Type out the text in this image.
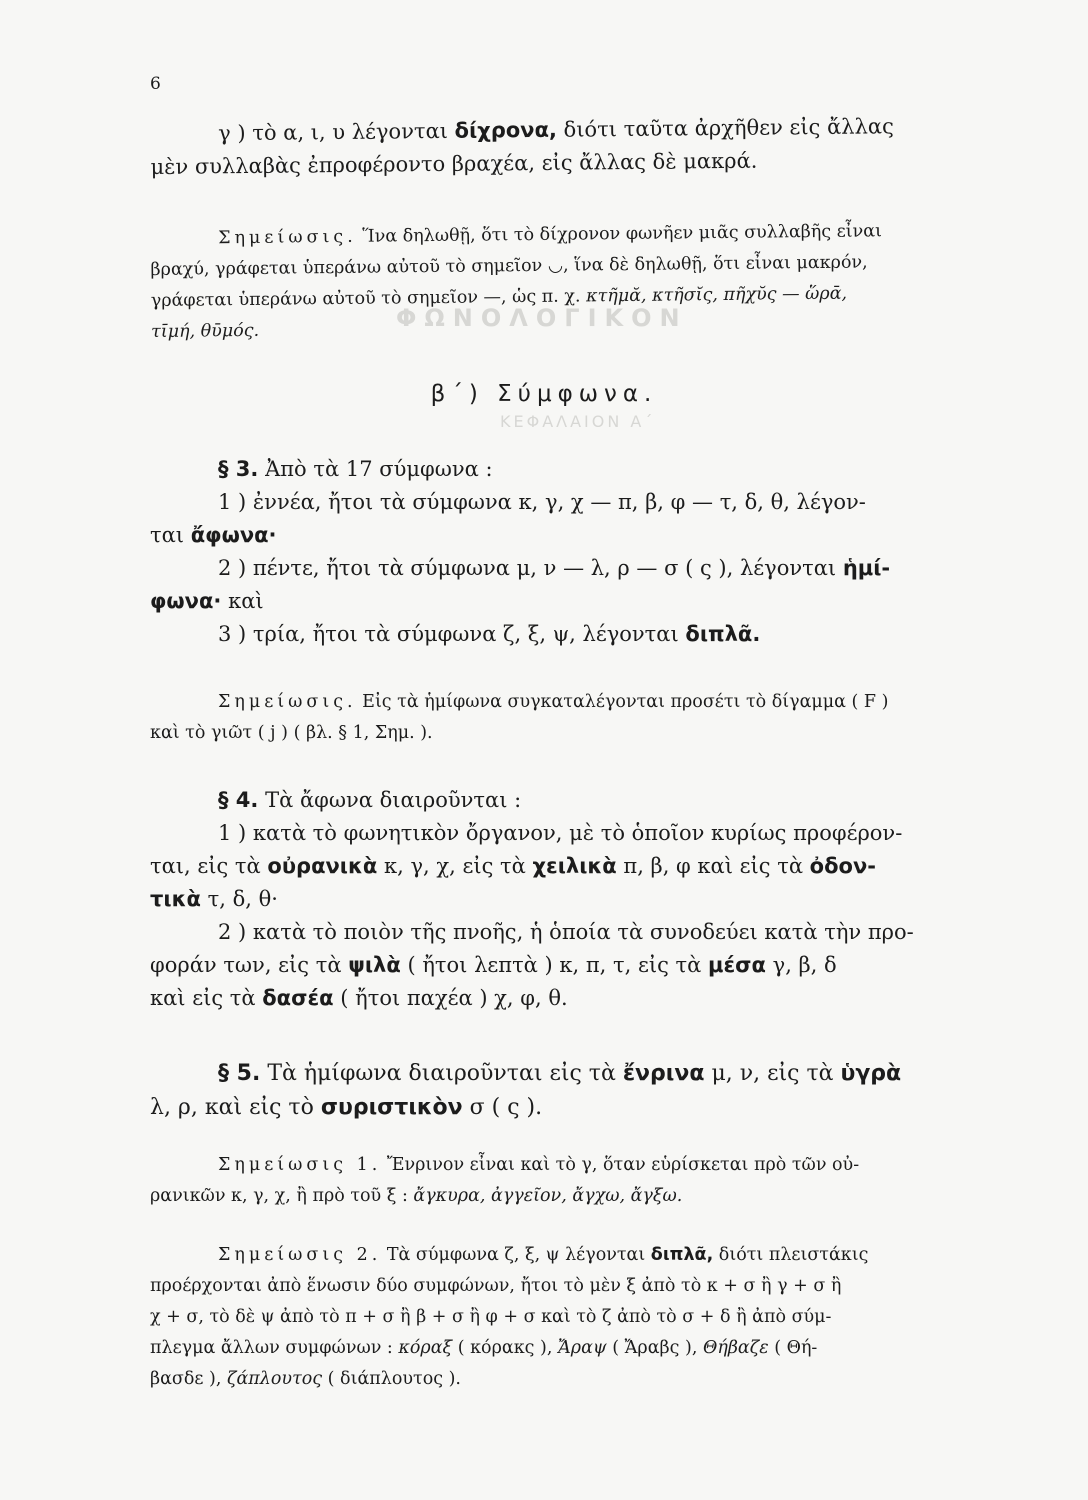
ΦΩΝΟΛΟΓΙΚΟΝ
ΚΕΦΑΛΑΙΟΝ Α΄
6
γ ) τὸ α, ι, υ λέγονται δίχρονα, διότι ταῦτα ἀρχῆθεν εἰς ἄλλας
μὲν συλλαβὰς ἐπροφέροντο βραχέα, εἰς ἄλλας δὲ μακρά.
Σημείωσις. Ἵνα δηλωθῇ, ὅτι τὸ δίχρονον φωνῆεν μιᾶς συλλαβῆς εἶναι
βραχύ, γράφεται ὑπεράνω αὐτοῦ τὸ σημεῖον ◡, ἵνα δὲ δηλωθῇ, ὅτι εἶναι μακρόν,
γράφεται ὑπεράνω αὐτοῦ τὸ σημεῖον —, ὡς π. χ. κτῆμᾰ, κτῆσῐς, πῆχῠς — ὥρᾱ,
τῑμή, θῡμός.
β΄) Σύμφωνα.
§ 3. Ἀπὸ τὰ 17 σύμφωνα :
1 ) ἐννέα, ἤτοι τὰ σύμφωνα κ, γ, χ — π, β, φ — τ, δ, θ, λέγον-
ται ἄφωνα·
2 ) πέντε, ἤτοι τὰ σύμφωνα μ, ν — λ, ρ — σ ( ς ), λέγονται ἡμί-
φωνα· καὶ
3 ) τρία, ἤτοι τὰ σύμφωνα ζ, ξ, ψ, λέγονται διπλᾶ.
Σημείωσις. Εἰς τὰ ἡμίφωνα συγκαταλέγονται προσέτι τὸ δίγαμμα ( F )
καὶ τὸ γιῶτ ( j ) ( βλ. § 1, Σημ. ).
§ 4. Τὰ ἄφωνα διαιροῦνται :
1 ) κατὰ τὸ φωνητικὸν ὄργανον, μὲ τὸ ὁποῖον κυρίως προφέρον-
ται, εἰς τὰ οὐρανικὰ κ, γ, χ, εἰς τὰ χειλικὰ π, β, φ καὶ εἰς τὰ ὀδον-
τικὰ τ, δ, θ·
2 ) κατὰ τὸ ποιὸν τῆς πνοῆς, ἡ ὁποία τὰ συνοδεύει κατὰ τὴν προ-
φοράν των, εἰς τὰ ψιλὰ ( ἤτοι λεπτὰ ) κ, π, τ, εἰς τὰ μέσα γ, β, δ
καὶ εἰς τὰ δασέα ( ἤτοι παχέα ) χ, φ, θ.
§ 5. Τὰ ἡμίφωνα διαιροῦνται εἰς τὰ ἔνρινα μ, ν, εἰς τὰ ὑγρὰ
λ, ρ, καὶ εἰς τὸ συριστικὸν σ ( ς ).
Σημείωσις 1. Ἔνρινον εἶναι καὶ τὸ γ, ὅταν εὑρίσκεται πρὸ τῶν οὐ-
ρανικῶν κ, γ, χ, ἢ πρὸ τοῦ ξ : ἄγκυρα, ἀγγεῖον, ἄγχω, ἄγξω.
Σημείωσις 2. Τὰ σύμφωνα ζ, ξ, ψ λέγονται διπλᾶ, διότι πλειστάκις
προέρχονται ἀπὸ ἕνωσιν δύο συμφώνων, ἤτοι τὸ μὲν ξ ἀπὸ τὸ κ + σ ἢ γ + σ ἢ
χ + σ, τὸ δὲ ψ ἀπὸ τὸ π + σ ἢ β + σ ἢ φ + σ καὶ τὸ ζ ἀπὸ τὸ σ + δ ἢ ἀπὸ σύμ-
πλεγμα ἄλλων συμφώνων : κόραξ ( κόρακς ), Ἄραψ ( Ἄραβς ), Θήβαζε ( Θή-
βασδε ), ζάπλουτος ( διάπλουτος ).
